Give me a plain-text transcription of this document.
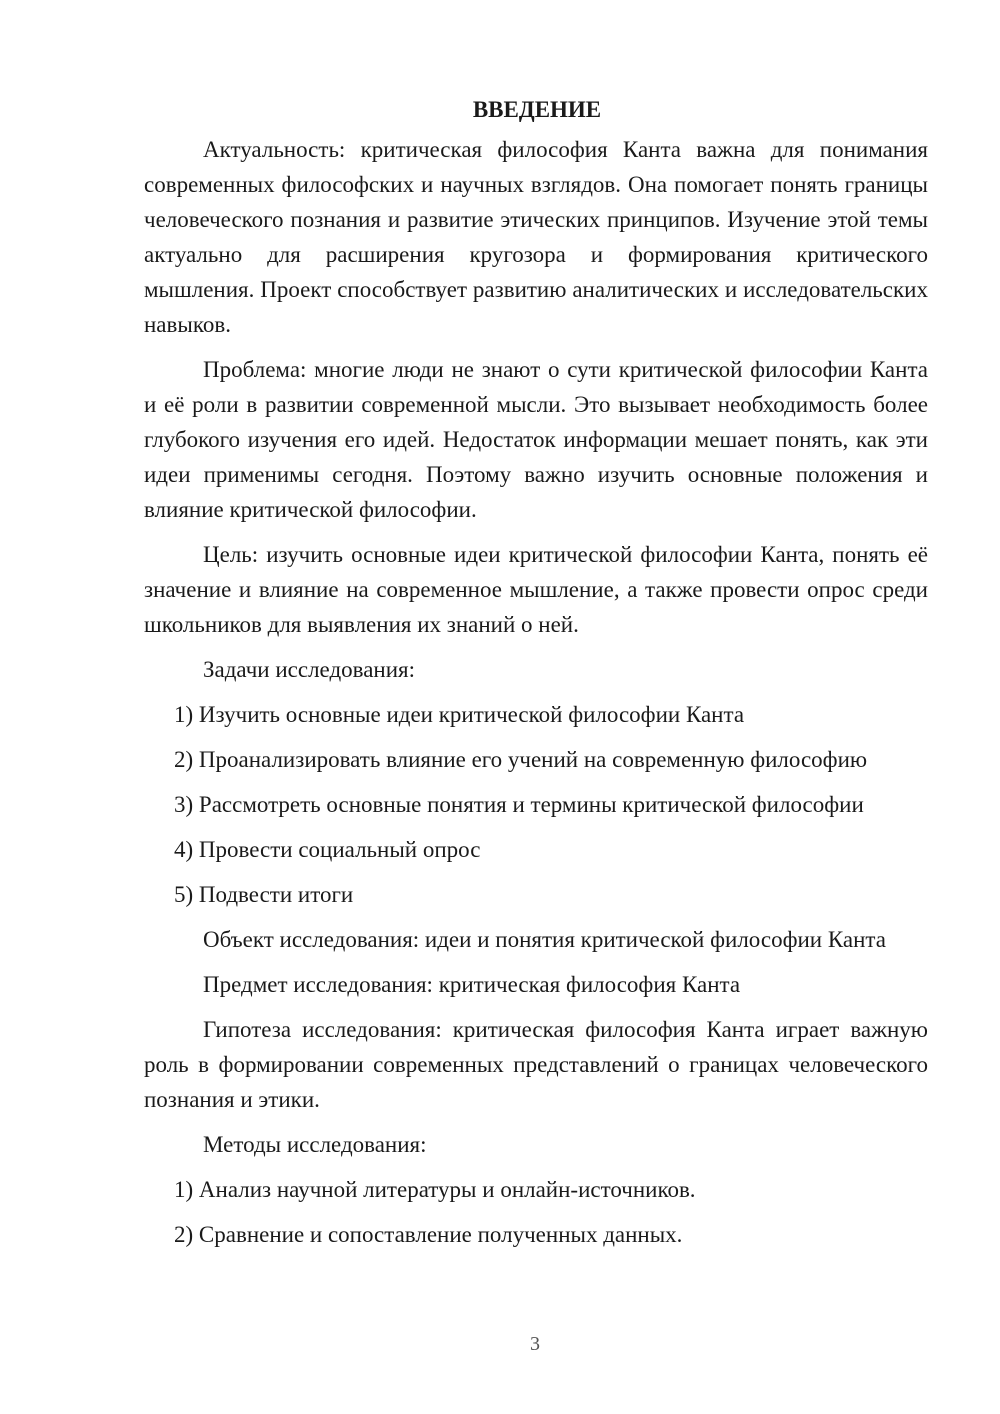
ВВЕДЕНИЕ

Актуальность: критическая философия Канта важна для понимания современных философских и научных взглядов. Она помогает понять границы человеческого познания и развитие этических принципов. Изучение этой темы актуально для расширения кругозора и формирования критического мышления. Проект способствует развитию аналитических и исследовательских навыков.

Проблема: многие люди не знают о сути критической философии Канта и её роли в развитии современной мысли. Это вызывает необходимость более глубокого изучения его идей. Недостаток информации мешает понять, как эти идеи применимы сегодня. Поэтому важно изучить основные положения и влияние критической философии.

Цель: изучить основные идеи критической философии Канта, понять её значение и влияние на современное мышление, а также провести опрос среди школьников для выявления их знаний о ней.

Задачи исследования:
1) Изучить основные идеи критической философии Канта
2) Проанализировать влияние его учений на современную философию
3) Рассмотреть основные понятия и термины критической философии
4) Провести социальный опрос
5) Подвести итоги

Объект исследования: идеи и понятия критической философии Канта

Предмет исследования: критическая философия Канта

Гипотеза исследования: критическая философия Канта играет важную роль в формировании современных представлений о границах человеческого познания и этики.

Методы исследования:
1) Анализ научной литературы и онлайн-источников.
2) Сравнение и сопоставление полученных данных.
3
